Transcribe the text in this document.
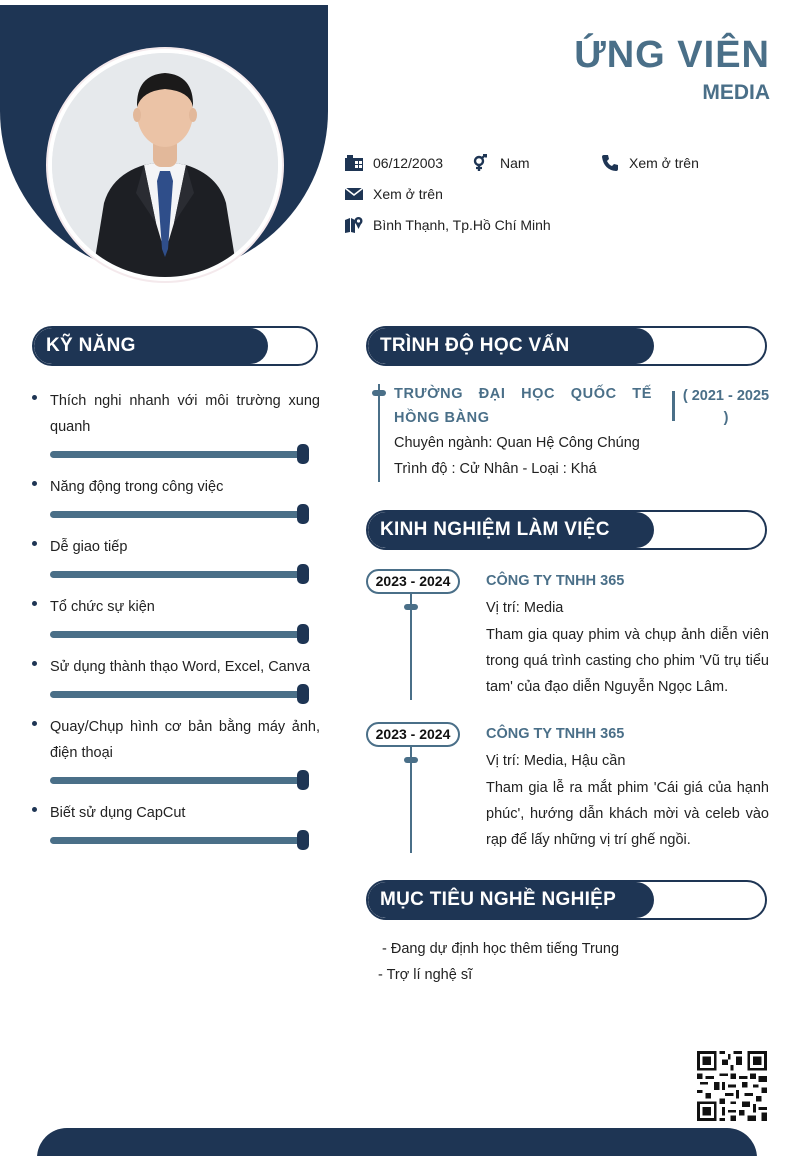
ỨNG VIÊN
MEDIA
06/12/2003	Nam	Xem ở trên
Xem ở trên
Bình Thạnh, Tp.Hồ Chí Minh
KỸ NĂNG
Thích nghi nhanh với môi trường xung quanh
Năng động trong công việc
Dễ giao tiếp
Tổ chức sự kiện
Sử dụng thành thạo Word, Excel, Canva
Quay/Chụp hình cơ bản bằng máy ảnh, điện thoại
Biết sử dụng CapCut
TRÌNH ĐỘ HỌC VẤN
TRƯỜNG ĐẠI HỌC QUỐC TẾ HỒNG BÀNG
( 2021 - 2025 )
Chuyên ngành: Quan Hệ Công Chúng
Trình độ : Cử Nhân - Loại : Khá
KINH NGHIỆM LÀM VIỆC
2023 - 2024	CÔNG TY TNHH 365
Vị trí: Media
Tham gia quay phim và chụp ảnh diễn viên trong quá trình casting cho phim 'Vũ trụ tiểu tam' của đạo diễn Nguyễn Ngọc Lâm.
2023 - 2024	CÔNG TY TNHH 365
Vị trí: Media, Hậu cần
Tham gia lễ ra mắt phim 'Cái giá của hạnh phúc', hướng dẫn khách mời và celeb vào rạp để lấy những vị trí ghế ngồi.
MỤC TIÊU NGHỀ NGHIỆP
- Đang dự định học thêm tiếng Trung
- Trợ lí nghệ sĩ
